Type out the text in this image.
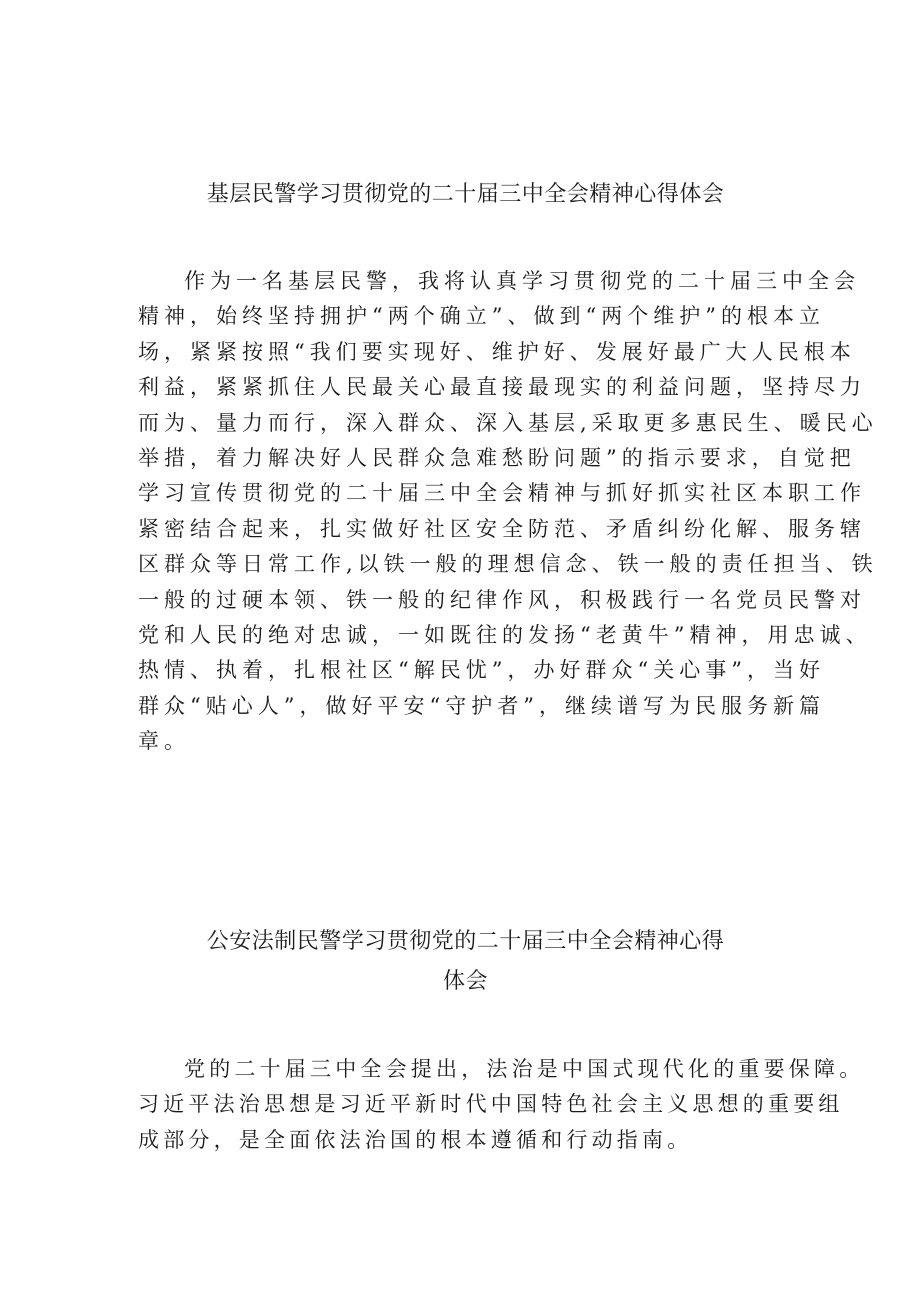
基层民警学习贯彻党的二十届三中全会精神心得体会
作为一名基层民警，我将认真学习贯彻党的二十届三中全会
精神，始终坚持拥护“两个确立”、做到“两个维护”的根本立
场，紧紧按照“我们要实现好、维护好、发展好最广大人民根本
利益，紧紧抓住人民最关心最直接最现实的利益问题，坚持尽力
而为、量力而行，深入群众、深入基层,采取更多惠民生、暖民心
举措，着力解决好人民群众急难愁盼问题”的指示要求，自觉把
学习宣传贯彻党的二十届三中全会精神与抓好抓实社区本职工作
紧密结合起来，扎实做好社区安全防范、矛盾纠纷化解、服务辖
区群众等日常工作,以铁一般的理想信念、铁一般的责任担当、铁
一般的过硬本领、铁一般的纪律作风，积极践行一名党员民警对
党和人民的绝对忠诚，一如既往的发扬“老黄牛”精神，用忠诚、
热情、执着，扎根社区“解民忧”，办好群众“关心事”，当好
群众“贴心人”，做好平安“守护者”，继续谱写为民服务新篇
章。
公安法制民警学习贯彻党的二十届三中全会精神心得
体会
党的二十届三中全会提出，法治是中国式现代化的重要保障。
习近平法治思想是习近平新时代中国特色社会主义思想的重要组
成部分，是全面依法治国的根本遵循和行动指南。
